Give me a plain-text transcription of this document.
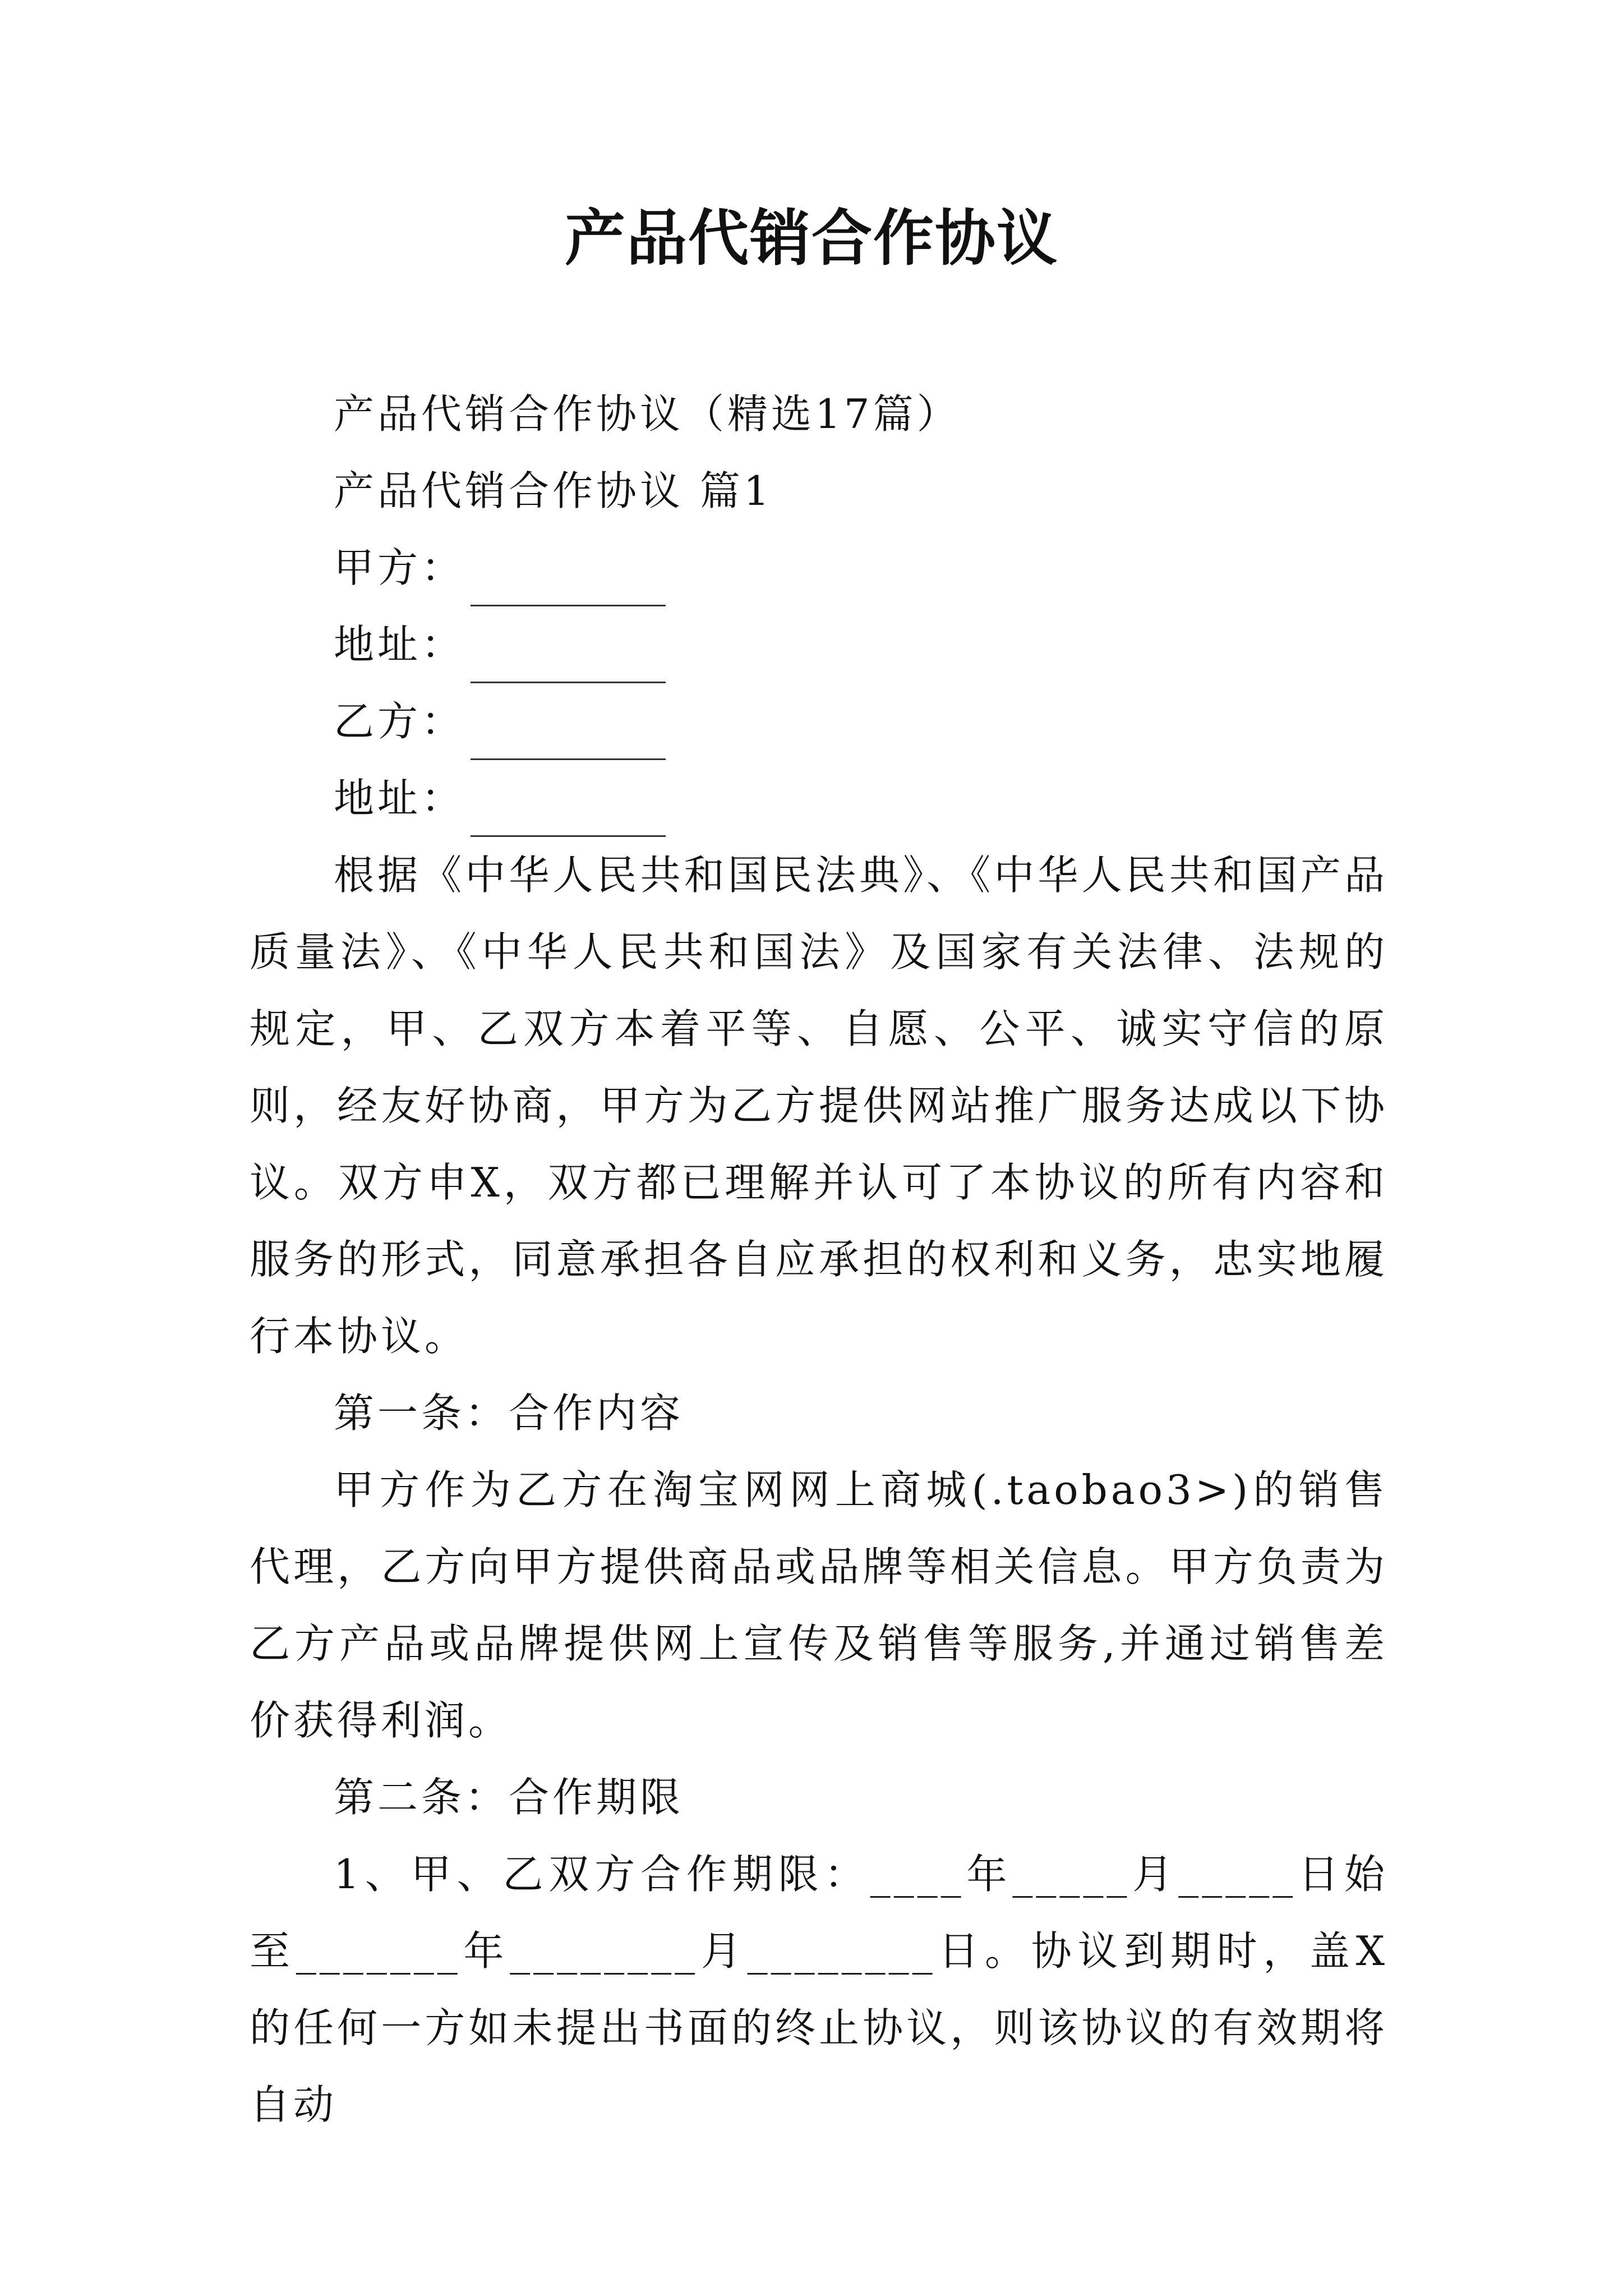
产品代销合作协议

产品代销合作协议（精选17篇）

产品代销合作协议 篇1

甲方：

地址：

乙方：

地址：

根据《中华人民共和国民法典》、《中华人民共和国产品质量法》、《中华人民共和国法》及国家有关法律、法规的规定，甲、乙双方本着平等、自愿、公平、诚实守信的原则，经友好协商，甲方为乙方提供网站推广服务达成以下协议。双方申X，双方都已理解并认可了本协议的所有内容和服务的形式，同意承担各自应承担的权利和义务，忠实地履行本协议。

第一条：合作内容

甲方作为乙方在淘宝网网上商城(.taobao3>)的销售代理，乙方向甲方提供商品或品牌等相关信息。甲方负责为乙方产品或品牌提供网上宣传及销售等服务,并通过销售差价获得利润。

第二条：合作期限

1、甲、乙双方合作期限：____年_____月_____日始至_______年________月________日。协议到期时，盖X的任何一方如未提出书面的终止协议，则该协议的有效期将自动
